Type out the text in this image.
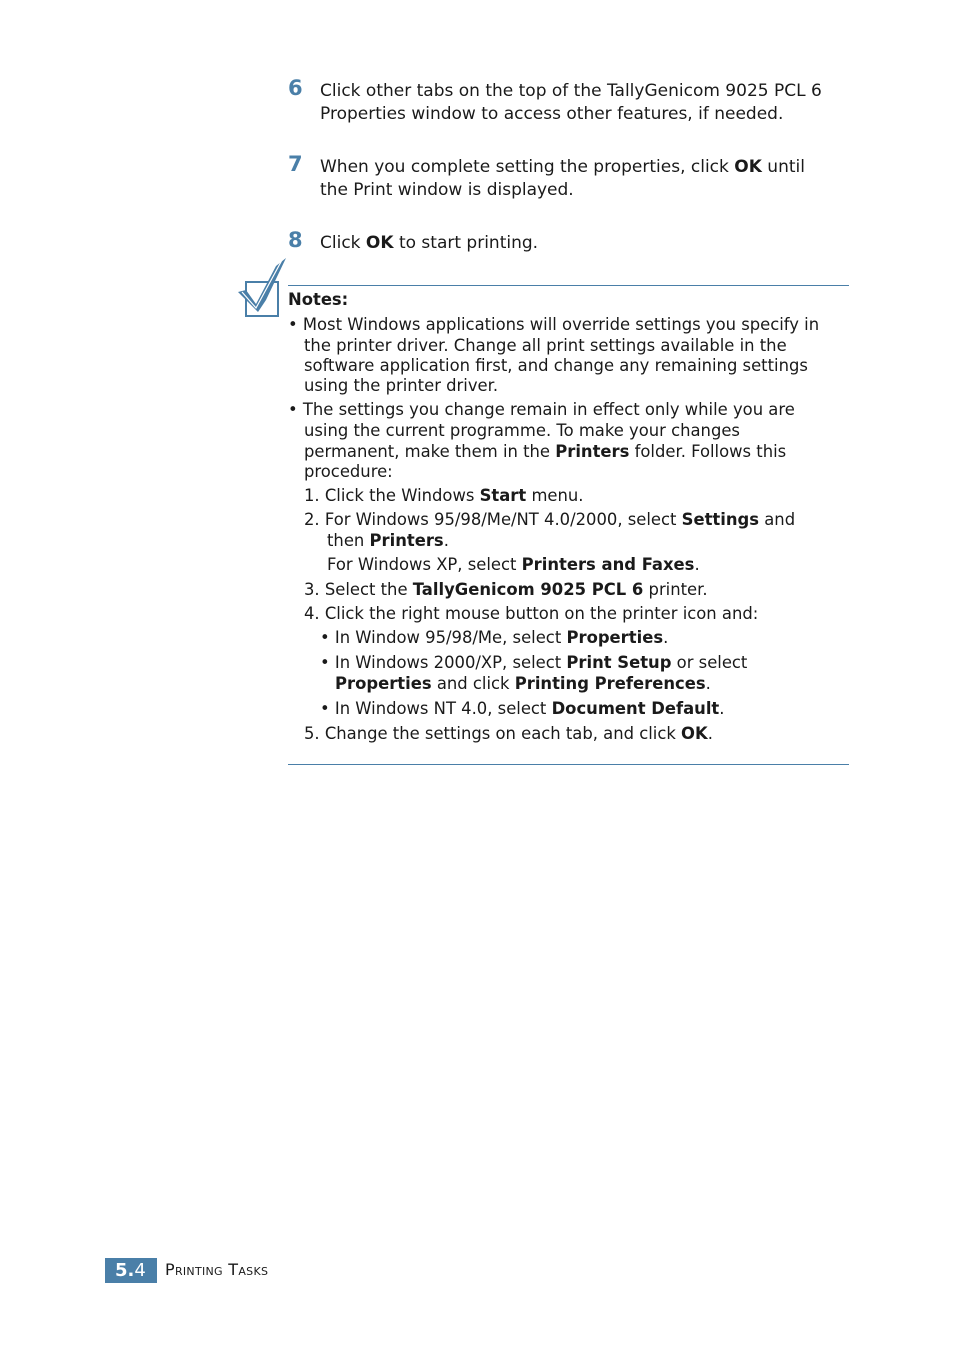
6 Click other tabs on the top of the TallyGenicom 9025 PCL 6
Properties window to access other features, if needed.
7 When you complete setting the properties, click OK until
the Print window is displayed.
8 Click OK to start printing.
Notes:
• Most Windows applications will override settings you specify in
the printer driver. Change all print settings available in the
software application first, and change any remaining settings
using the printer driver.
• The settings you change remain in effect only while you are
using the current programme. To make your changes
permanent, make them in the Printers folder. Follows this
procedure:
1. Click the Windows Start menu.
2. For Windows 95/98/Me/NT 4.0/2000, select Settings and
then Printers.
For Windows XP, select Printers and Faxes.
3. Select the TallyGenicom 9025 PCL 6 printer.
4. Click the right mouse button on the printer icon and:
• In Window 95/98/Me, select Properties.
• In Windows 2000/XP, select Print Setup or select
Properties and click Printing Preferences.
• In Windows NT 4.0, select Document Default.
5. Change the settings on each tab, and click OK.
5.4	Printing Tasks
